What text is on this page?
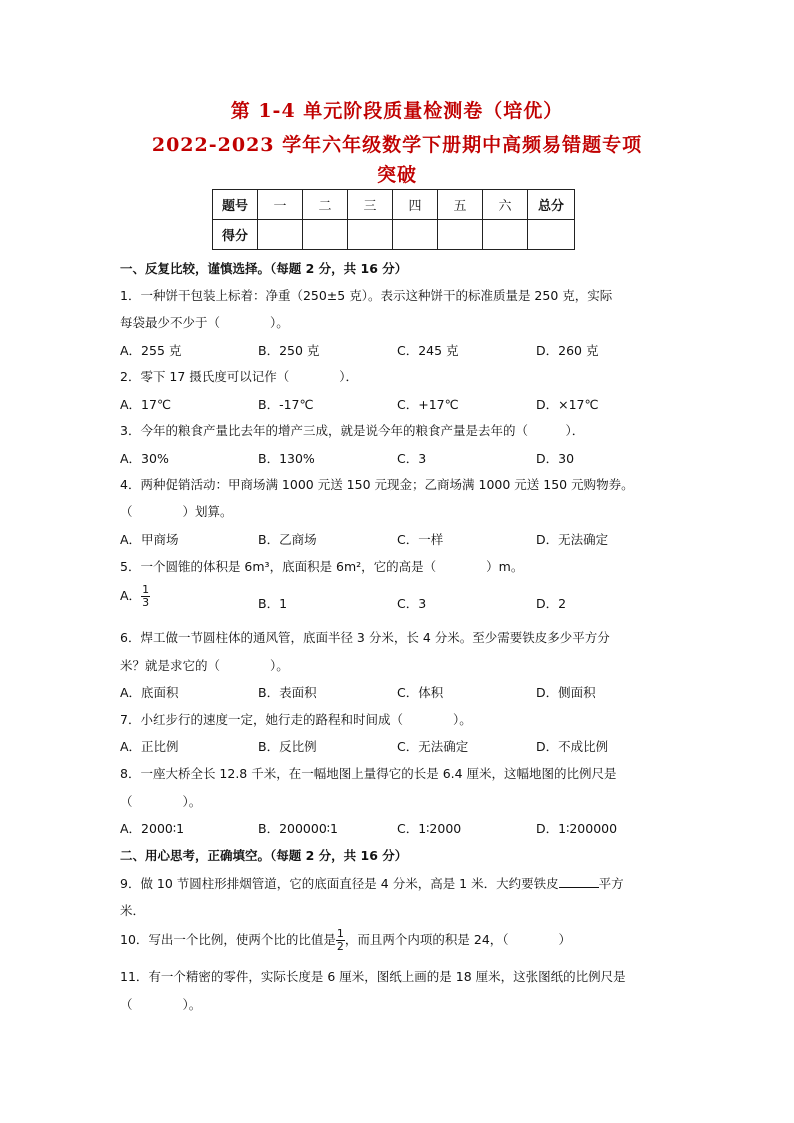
第 1-4 单元阶段质量检测卷（培优）
2022-2023 学年六年级数学下册期中高频易错题专项
突破
题号	一	二	三	四	五	六	总分
得分							
一、反复比较，谨慎选择。（每题 2 分，共 16 分）
1．一种饼干包装上标着：净重（250±5 克）。表示这种饼干的标准质量是 250 克，实际
每袋最少不少于（　　　　）。
A．255 克	B．250 克	C．245 克	D．260 克
2．零下 17 摄氏度可以记作（　　　　）．
A．17℃	B．-17℃	C．+17℃	D．×17℃
3．今年的粮食产量比去年的增产三成，就是说今年的粮食产量是去年的（　　　）．
A．30%	B．130%	C．3	D．30
4．两种促销活动：甲商场满 1000 元送 150 元现金；乙商场满 1000 元送 150 元购物券。
（　　　　）划算。
A．甲商场	B．乙商场	C．一样	D．无法确定
5．一个圆锥的体积是 6m³，底面积是 6m²，它的高是（　　　　）m。
A． $\frac{1}{3}$	B．1	C．3	D．2
6．焊工做一节圆柱体的通风管，底面半径 3 分米，长 4 分米。至少需要铁皮多少平方分
米？就是求它的（　　　　）。
A．底面积	B．表面积	C．体积	D．侧面积
7．小红步行的速度一定，她行走的路程和时间成（　　　　）。
A．正比例	B．反比例	C．无法确定	D．不成比例
8．一座大桥全长 12.8 千米，在一幅地图上量得它的长是 6.4 厘米，这幅地图的比例尺是
（　　　　）。
A．2000∶1	B．200000∶1	C．1∶2000	D．1∶200000
二、用心思考，正确填空。（每题 2 分，共 16 分）
9．做 10 节圆柱形排烟管道，它的底面直径是 4 分米，高是 1 米．大约要铁皮	平方
米．
10．写出一个比例，使两个比的比值是 $\frac{1}{2}$ ，而且两个内项的积是 24，（　　　　）
11．有一个精密的零件，实际长度是 6 厘米，图纸上画的是 18 厘米，这张图纸的比例尺是
（　　　　）。
